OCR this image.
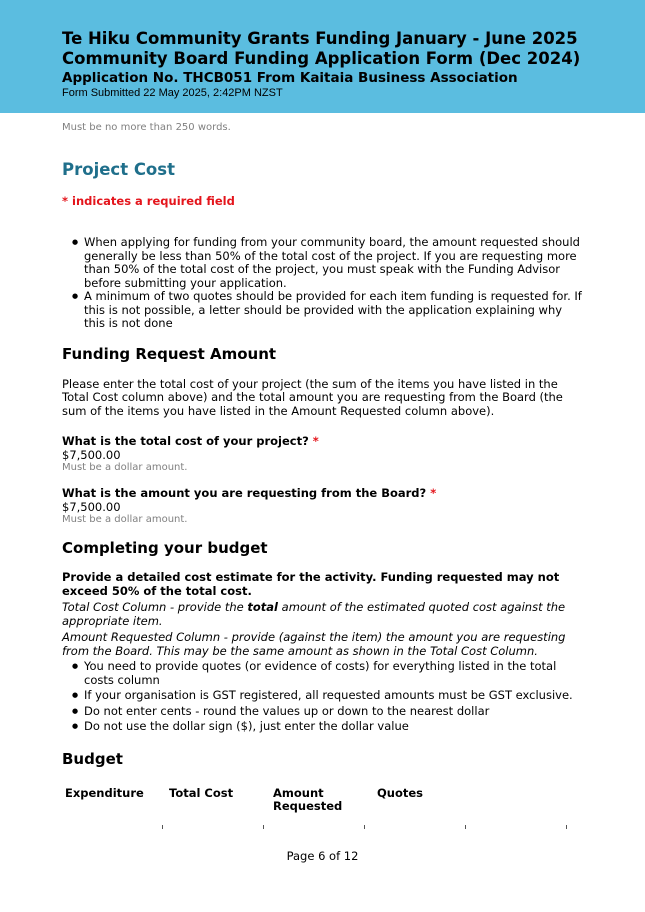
Te Hiku Community Grants Funding January - June 2025
Community Board Funding Application Form (Dec 2024)
Application No. THCB051 From Kaitaia Business Association
Form Submitted 22 May 2025, 2:42PM NZST
Must be no more than 250 words.
Project Cost
* indicates a required field
● When applying for funding from your community board, the amount requested should generally be less than 50% of the total cost of the project. If you are requesting more than 50% of the total cost of the project, you must speak with the Funding Advisor before submitting your application.
● A minimum of two quotes should be provided for each item funding is requested for. If this is not possible, a letter should be provided with the application explaining why this is not done
Funding Request Amount

Please enter the total cost of your project (the sum of the items you have listed in the Total Cost column above) and the total amount you are requesting from the Board (the sum of the items you have listed in the Amount Requested column above).

What is the total cost of your project? *
$7,500.00
Must be a dollar amount.
What is the amount you are requesting from the Board? *
$7,500.00
Must be a dollar amount.
Completing your budget

Provide a detailed cost estimate for the activity. Funding requested may not exceed 50% of the total cost.

Total Cost Column - provide the total amount of the estimated quoted cost against the appropriate item.

Amount Requested Column - provide (against the item) the amount you are requesting from the Board. This may be the same amount as shown in the Total Cost Column.

● You need to provide quotes (or evidence of costs) for everything listed in the total costs column
● If your organisation is GST registered, all requested amounts must be GST exclusive.
● Do not enter cents - round the values up or down to the nearest dollar
● Do not use the dollar sign ($), just enter the dollar value
Budget
Expenditure	Total Cost	Amount Requested	Quotes	
Page 6 of 12
